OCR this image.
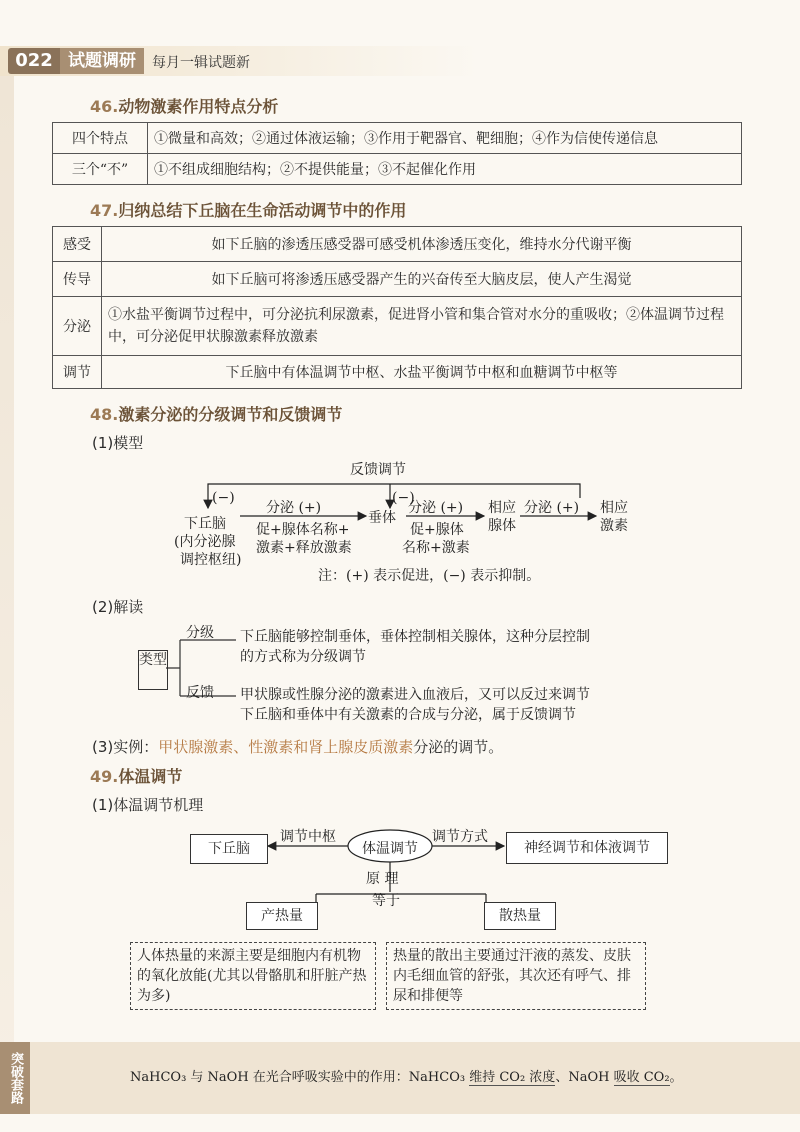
022 试题调研	每月一辑试题新
46.动物激素作用特点分析
四个特点	①微量和高效；②通过体液运输；③作用于靶器官、靶细胞；④作为信使传递信息
三个“不”	①不组成细胞结构；②不提供能量；③不起催化作用
47.归纳总结下丘脑在生命活动调节中的作用
感受	如下丘脑的渗透压感受器可感受机体渗透压变化，维持水分代谢平衡
传导	如下丘脑可将渗透压感受器产生的兴奋传至大脑皮层，使人产生渴觉
分泌	①水盐平衡调节过程中，可分泌抗利尿激素，促进肾小管和集合管对水分的重吸收；②体温调节过程中，可分泌促甲状腺激素释放激素
调节	下丘脑中有体温调节中枢、水盐平衡调节中枢和血糖调节中枢等
48.激素分泌的分级调节和反馈调节
(1)模型
反馈调节
(−)	(−)
分泌 (+)	分泌 (+)	分泌 (+)
下丘脑
(内分泌腺
调控枢纽)
促+腺体名称+
激素+释放激素
垂体
促+腺体
名称+激素
相应
腺体
相应
激素
注：(+) 表示促进，(−) 表示抑制。
(2)解读
类型
分级
反馈
下丘脑能够控制垂体，垂体控制相关腺体，这种分层控制
的方式称为分级调节
甲状腺或性腺分泌的激素进入血液后，又可以反过来调节
下丘脑和垂体中有关激素的合成与分泌，属于反馈调节
(3)实例：甲状腺激素、性激素和肾上腺皮质激素分泌的调节。
49.体温调节
(1)体温调节机理
体温调节
下丘脑
调节中枢	调节方式
神经调节和体液调节
原 理
等于
产热量	散热量
人体热量的来源主要是细胞内有机物的氧化放能(尤其以骨骼肌和肝脏产热为多)
热量的散出主要通过汗液的蒸发、皮肤内毛细血管的舒张，其次还有呼气、排尿和排便等
突破套路	NaHCO₃ 与 NaOH 在光合呼吸实验中的作用：NaHCO₃ 维持 CO₂ 浓度、NaOH 吸收 CO₂。
